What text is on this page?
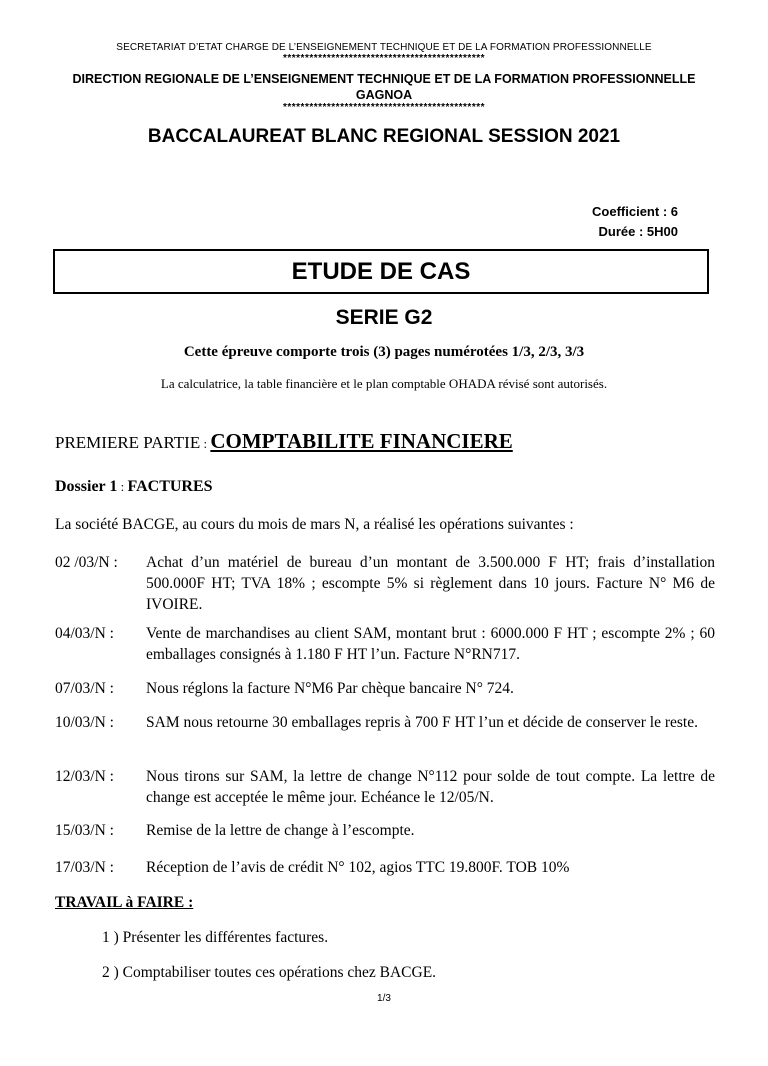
SECRETARIAT D’ETAT CHARGE DE L’ENSEIGNEMENT TECHNIQUE ET DE LA FORMATION PROFESSIONNELLE
**********************************************
DIRECTION REGIONALE DE L’ENSEIGNEMENT TECHNIQUE ET DE LA FORMATION PROFESSIONNELLE
GAGNOA
**********************************************
BACCALAUREAT BLANC REGIONAL SESSION 2021
Coefficient : 6
Durée : 5H00
ETUDE DE CAS
SERIE G2
Cette épreuve comporte trois (3) pages numérotées 1/3, 2/3, 3/3
La calculatrice, la table financière et le plan comptable OHADA révisé sont autorisés.
PREMIERE PARTIE : COMPTABILITE FINANCIERE
Dossier 1 : FACTURES
La société BACGE, au cours du mois de mars N, a réalisé les opérations suivantes :
02 /03/N :	Achat d’un matériel de bureau d’un montant de 3.500.000 F HT; frais d’installation 500.000F HT; TVA 18% ; escompte 5% si règlement dans 10 jours. Facture N° M6 de IVOIRE.
04/03/N :	Vente de marchandises au client SAM, montant brut : 6000.000 F HT ; escompte 2% ; 60 emballages consignés à 1.180 F HT l’un. Facture N°RN717.
07/03/N :	Nous réglons la facture N°M6 Par chèque bancaire N° 724.
10/03/N :	SAM nous retourne 30 emballages repris à 700 F HT l’un et décide de conserver le reste.
12/03/N :	Nous tirons sur SAM, la lettre de change N°112 pour solde de tout compte. La lettre de change est acceptée le même jour. Echéance le 12/05/N.
15/03/N :	Remise de la lettre de change à l’escompte.
17/03/N :	Réception de l’avis de crédit N° 102, agios TTC 19.800F. TOB 10%
TRAVAIL à FAIRE :
1 ) Présenter les différentes factures.
2 ) Comptabiliser toutes ces opérations chez BACGE.
1/3
